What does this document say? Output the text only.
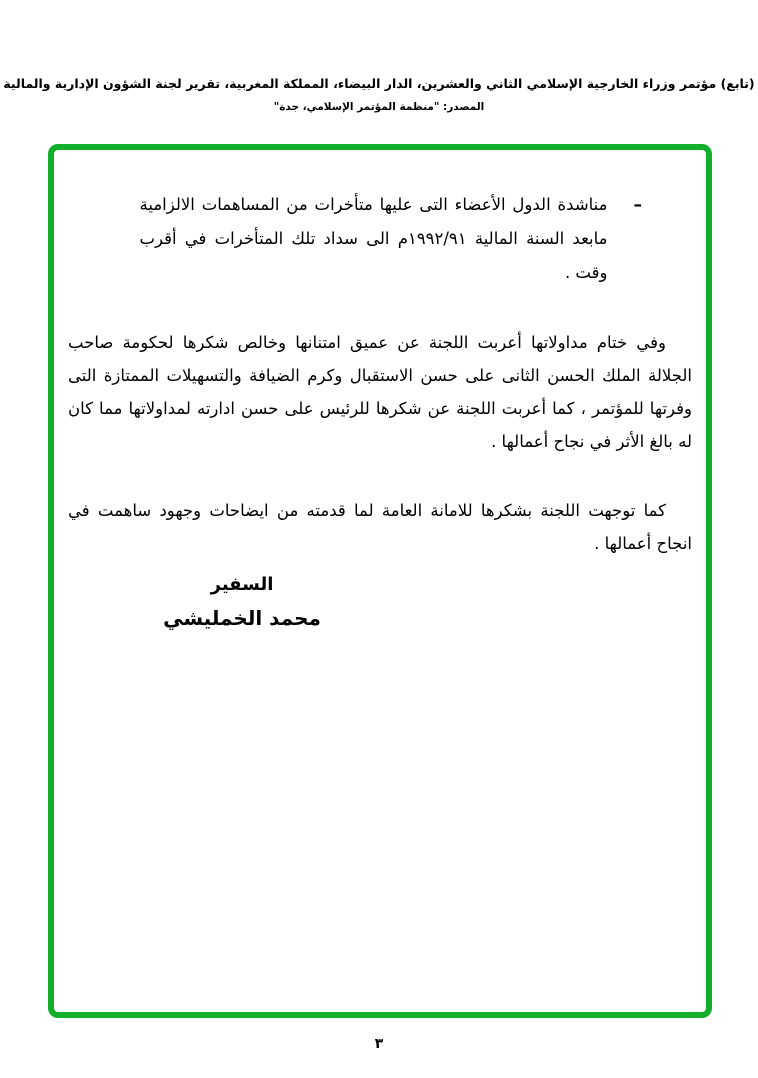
(تابع) مؤتمر وزراء الخارجية الإسلامي الثاني والعشرين، الدار البيضاء، المملكة المغربية، تقرير لجنة الشؤون الإدارية والمالية
المصدر: "منظمة المؤتمر الإسلامي، جدة"
–
مناشدة الدول الأعضاء التى عليها متأخرات من المساهمات الالزامية مابعد السنة المالية ١٩٩٢/٩١م الى سداد تلك المتأخرات في أقرب وقت .
وفي ختام مداولاتها أعربت اللجنة عن عميق امتنانها وخالص شكرها لحكومة صاحب الجلالة الملك الحسن الثانى على حسن الاستقبال وكرم الضيافة والتسهيلات الممتازة التى وفرتها للمؤتمر ، كما أعربت اللجنة عن شكرها للرئيس على حسن ادارته لمداولاتها مما كان له بالغ الأثر في نجاح أعمالها .
كما توجهت اللجنة بشكرها للامانة العامة لما قدمته من ايضاحات وجهود ساهمت في انجاح أعمالها .
السفير
محمد الخمليشي
٣
